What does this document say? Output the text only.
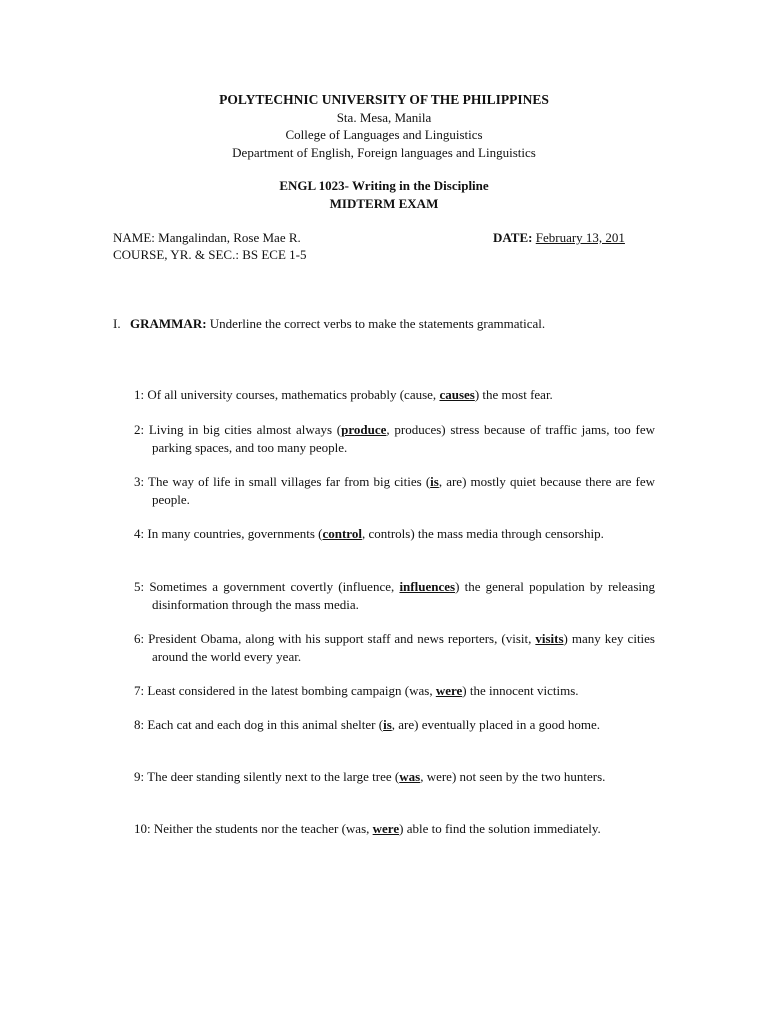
POLYTECHNIC UNIVERSITY OF THE PHILIPPINES
Sta. Mesa, Manila
College of Languages and Linguistics
Department of English, Foreign languages and Linguistics
ENGL 1023- Writing in the Discipline
MIDTERM EXAM
NAME: Mangalindan, Rose Mae R.	DATE: February 13, 201
COURSE, YR. & SEC.: BS ECE 1-5
I. GRAMMAR: Underline the correct verbs to make the statements grammatical.
1: Of all university courses, mathematics probably (cause, causes) the most fear.
2: Living in big cities almost always (produce, produces) stress because of traffic jams, too few parking spaces, and too many people.
3: The way of life in small villages far from big cities (is, are) mostly quiet because there are few people.
4: In many countries, governments (control, controls) the mass media through censorship.
5: Sometimes a government covertly (influence, influences) the general population by releasing disinformation through the mass media.
6: President Obama, along with his support staff and news reporters, (visit, visits) many key cities around the world every year.
7: Least considered in the latest bombing campaign (was, were) the innocent victims.
8: Each cat and each dog in this animal shelter (is, are) eventually placed in a good home.
9: The deer standing silently next to the large tree (was, were) not seen by the two hunters.
10: Neither the students nor the teacher (was, were) able to find the solution immediately.
